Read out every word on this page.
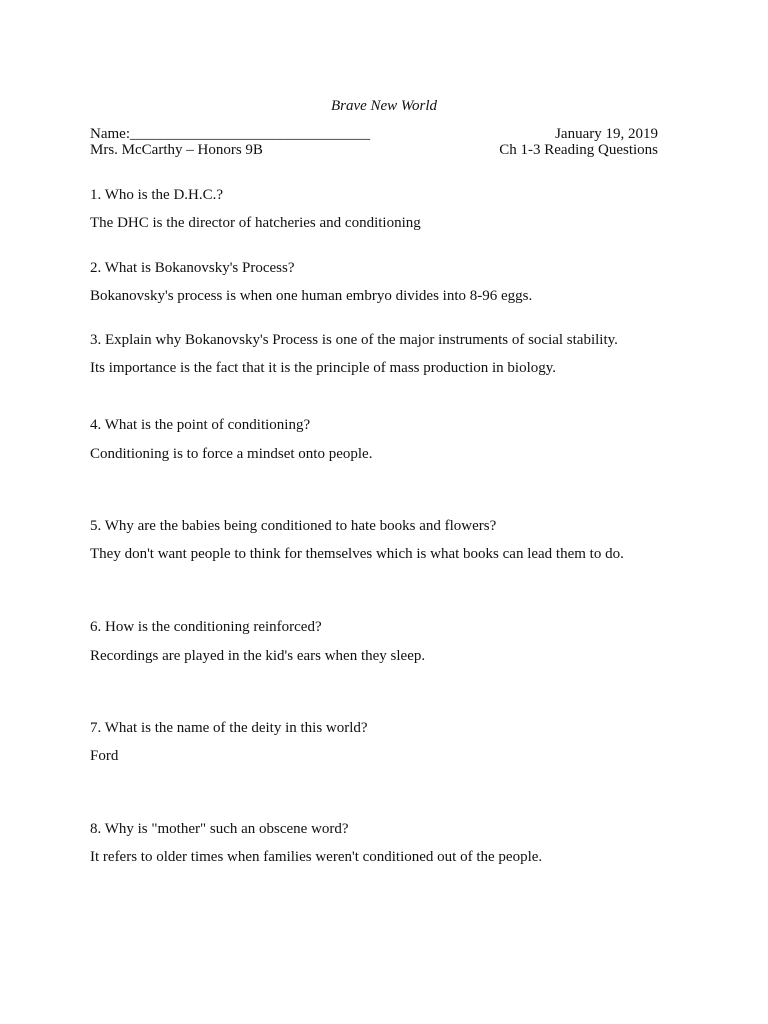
Brave New World
Name:________________________________	January 19, 2019
Mrs. McCarthy – Honors 9B	Ch 1-3 Reading Questions
1. Who is the D.H.C.?
The DHC is the director of hatcheries and conditioning
2. What is Bokanovsky's Process?
Bokanovsky's process is when one human embryo divides into 8-96 eggs.
3. Explain why Bokanovsky's Process is one of the major instruments of social stability.
Its importance is the fact that it is the principle of mass production in biology.
4. What is the point of conditioning?
Conditioning is to force a mindset onto people.
5. Why are the babies being conditioned to hate books and flowers?
They don't want people to think for themselves which is what books can lead them to do.
6. How is the conditioning reinforced?
Recordings are played in the kid's ears when they sleep.
7. What is the name of the deity in this world?
Ford
8. Why is "mother" such an obscene word?
It refers to older times when families weren't conditioned out of the people.
